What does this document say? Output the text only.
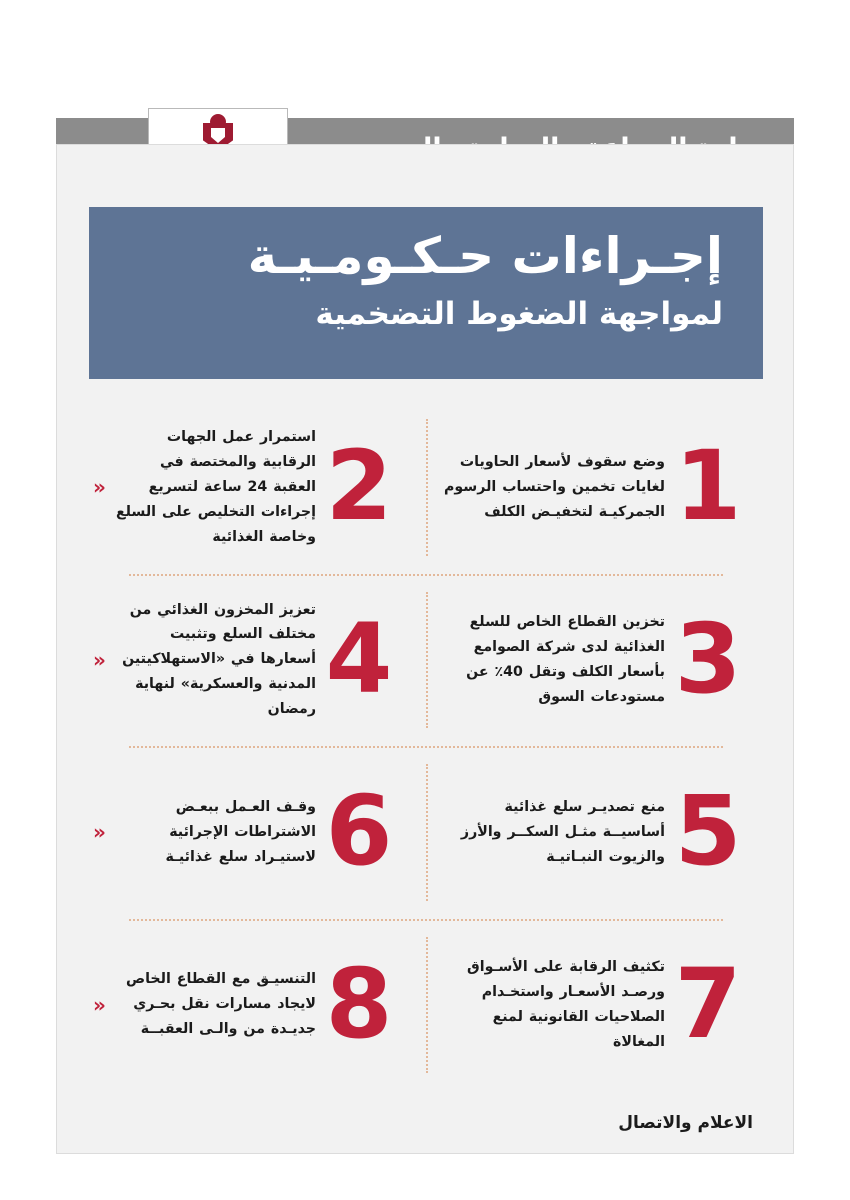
إجـراءات حـكـومـيـة
لمواجهة الضغوط التضخمية
1
وضع سقوف لأسعار الحاويات لغايات تخمين واحتساب الرسوم الجمركيـة لتخفيـض الكلف
2
استمرار عمل الجهات الرقابية والمختصة في العقبة 24 ساعة لتسريع إجراءات التخليص على السلع وخاصة الغذائية
«
3
تخزين القطاع الخاص للسلع الغذائية لدى شركة الصوامع بأسعار الكلف وتقل 40٪ عن مستودعات السوق
4
تعزيز المخزون الغذائي من مختلف السلع وتثبيت أسعارها في «الاستهلاكيتين المدنية والعسكرية» لنهاية رمضان
«
5
منع تصديـر سلع غذائية أساسيــة مثـل السكــر والأرز والزيوت النبـاتيـة
6
وقـف العـمل ببعـض الاشتراطات الإجرائية لاستيـراد سلع غذائيـة
«
7
تكثيف الرقابة على الأسـواق ورصـد الأسعـار واستخـدام الصلاحيات القانونية لمنع المغالاة
8
التنسيـق مع القطاع الخاص لايجاد مسارات نقل بحـري جديـدة من والـى العقبــة
«
الاعلام والاتصال
